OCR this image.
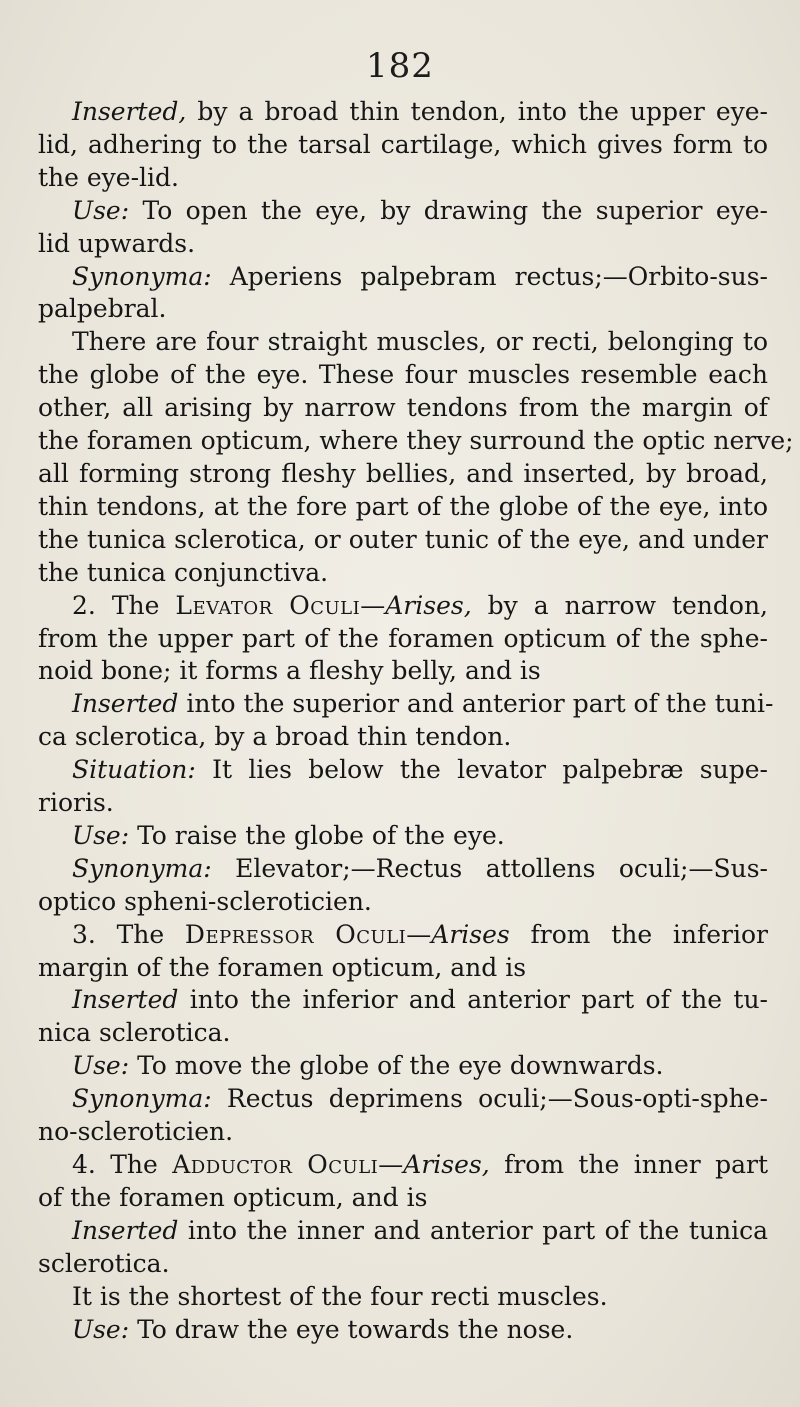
182
Inserted, by a broad thin tendon, into the upper eye-
lid, adhering to the tarsal cartilage, which gives form to
the eye-lid.
Use: To open the eye, by drawing the superior eye-
lid upwards.
Synonyma: Aperiens palpebram rectus;—Orbito-sus-
palpebral.
There are four straight muscles, or recti, belonging to
the globe of the eye. These four muscles resemble each
other, all arising by narrow tendons from the margin of
the foramen opticum, where they surround the optic nerve;
all forming strong fleshy bellies, and inserted, by broad,
thin tendons, at the fore part of the globe of the eye, into
the tunica sclerotica, or outer tunic of the eye, and under
the tunica conjunctiva.
2. The Levator Oculi—Arises, by a narrow tendon,
from the upper part of the foramen opticum of the sphe-
noid bone; it forms a fleshy belly, and is
Inserted into the superior and anterior part of the tuni-
ca sclerotica, by a broad thin tendon.
Situation: It lies below the levator palpebræ supe-
rioris.
Use: To raise the globe of the eye.
Synonyma: Elevator;—Rectus attollens oculi;—Sus-
optico spheni-scleroticien.
3. The Depressor Oculi—Arises from the inferior
margin of the foramen opticum, and is
Inserted into the inferior and anterior part of the tu-
nica sclerotica.
Use: To move the globe of the eye downwards.
Synonyma: Rectus deprimens oculi;—Sous-opti-sphe-
no-scleroticien.
4. The Adductor Oculi—Arises, from the inner part
of the foramen opticum, and is
Inserted into the inner and anterior part of the tunica
sclerotica.
It is the shortest of the four recti muscles.
Use: To draw the eye towards the nose.
